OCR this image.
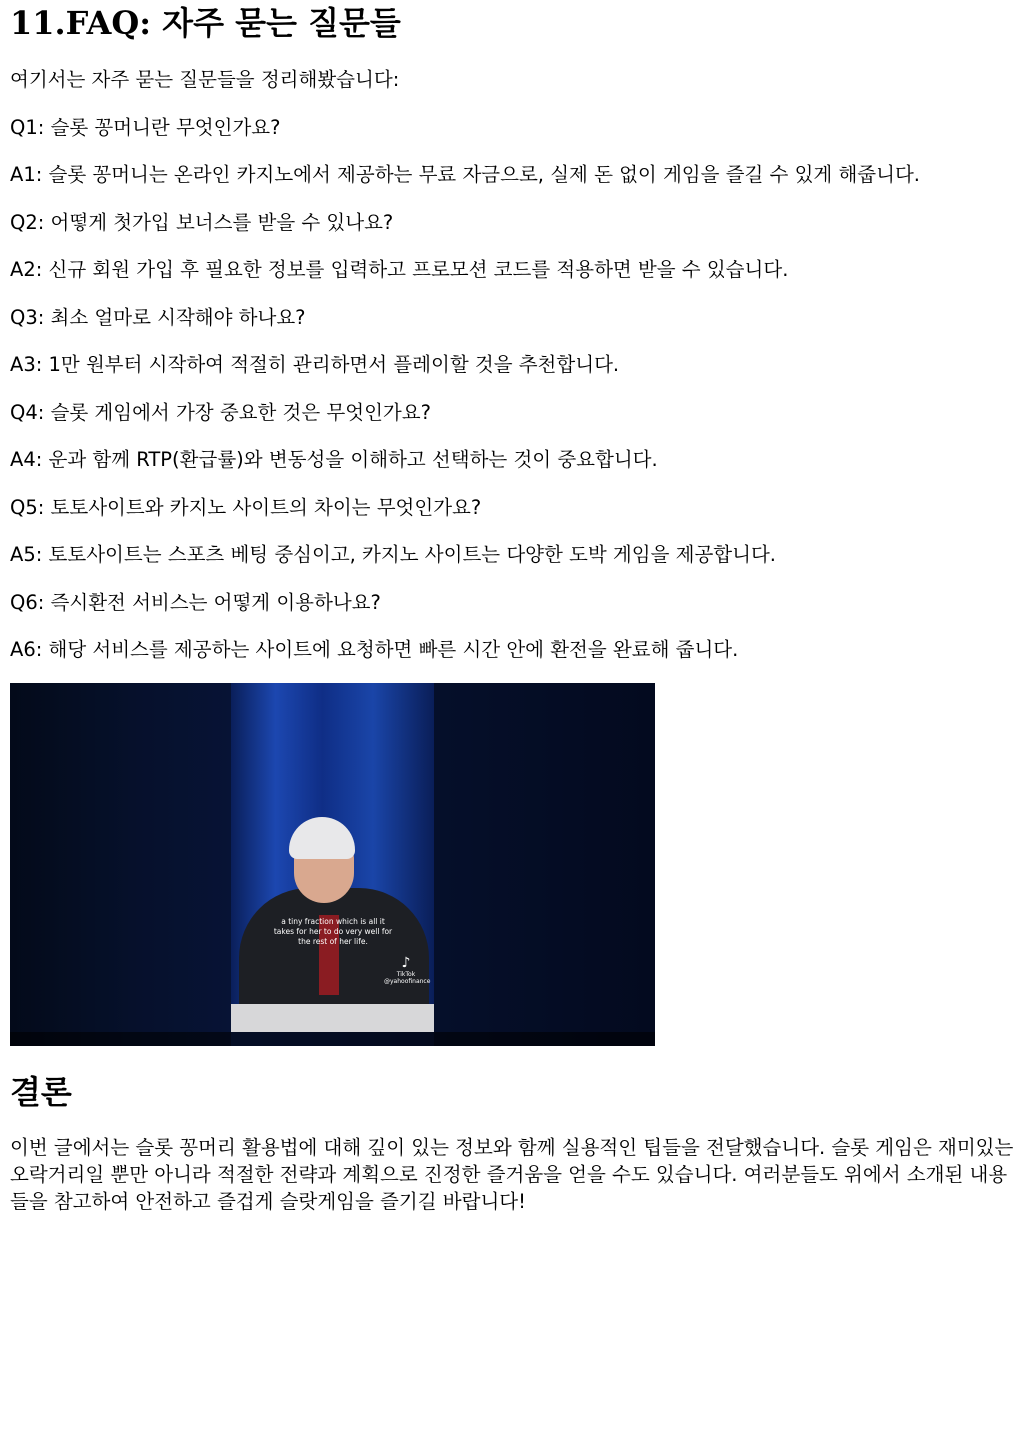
11.FAQ: 자주 묻는 질문들

여기서는 자주 묻는 질문들을 정리해봤습니다:

Q1: 슬롯 꽁머니란 무엇인가요?

A1: 슬롯 꽁머니는 온라인 카지노에서 제공하는 무료 자금으로, 실제 돈 없이 게임을 즐길 수 있게 해줍니다.

Q2: 어떻게 첫가입 보너스를 받을 수 있나요?

A2: 신규 회원 가입 후 필요한 정보를 입력하고 프로모션 코드를 적용하면 받을 수 있습니다.

Q3: 최소 얼마로 시작해야 하나요?

A3: 1만 원부터 시작하여 적절히 관리하면서 플레이할 것을 추천합니다.

Q4: 슬롯 게임에서 가장 중요한 것은 무엇인가요?

A4: 운과 함께 RTP(환급률)와 변동성을 이해하고 선택하는 것이 중요합니다.

Q5: 토토사이트와 카지노 사이트의 차이는 무엇인가요?

A5: 토토사이트는 스포츠 베팅 중심이고, 카지노 사이트는 다양한 도박 게임을 제공합니다.

Q6: 즉시환전 서비스는 어떻게 이용하나요?

A6: 해당 서비스를 제공하는 사이트에 요청하면 빠른 시간 안에 환전을 완료해 줍니다.

a tiny fraction which is all it takes for her to do very well for the rest of her life.
♪
TikTok
@yahoofinance
결론

이번 글에서는 슬롯 꽁머리 활용법에 대해 깊이 있는 정보와 함께 실용적인 팁들을 전달했습니다. 슬롯 게임은 재미있는 오락거리일 뿐만 아니라 적절한 전략과 계획으로 진정한 즐거움을 얻을 수도 있습니다. 여러분들도 위에서 소개된 내용들을 참고하여 안전하고 즐겁게 슬랏게임을 즐기길 바랍니다!
